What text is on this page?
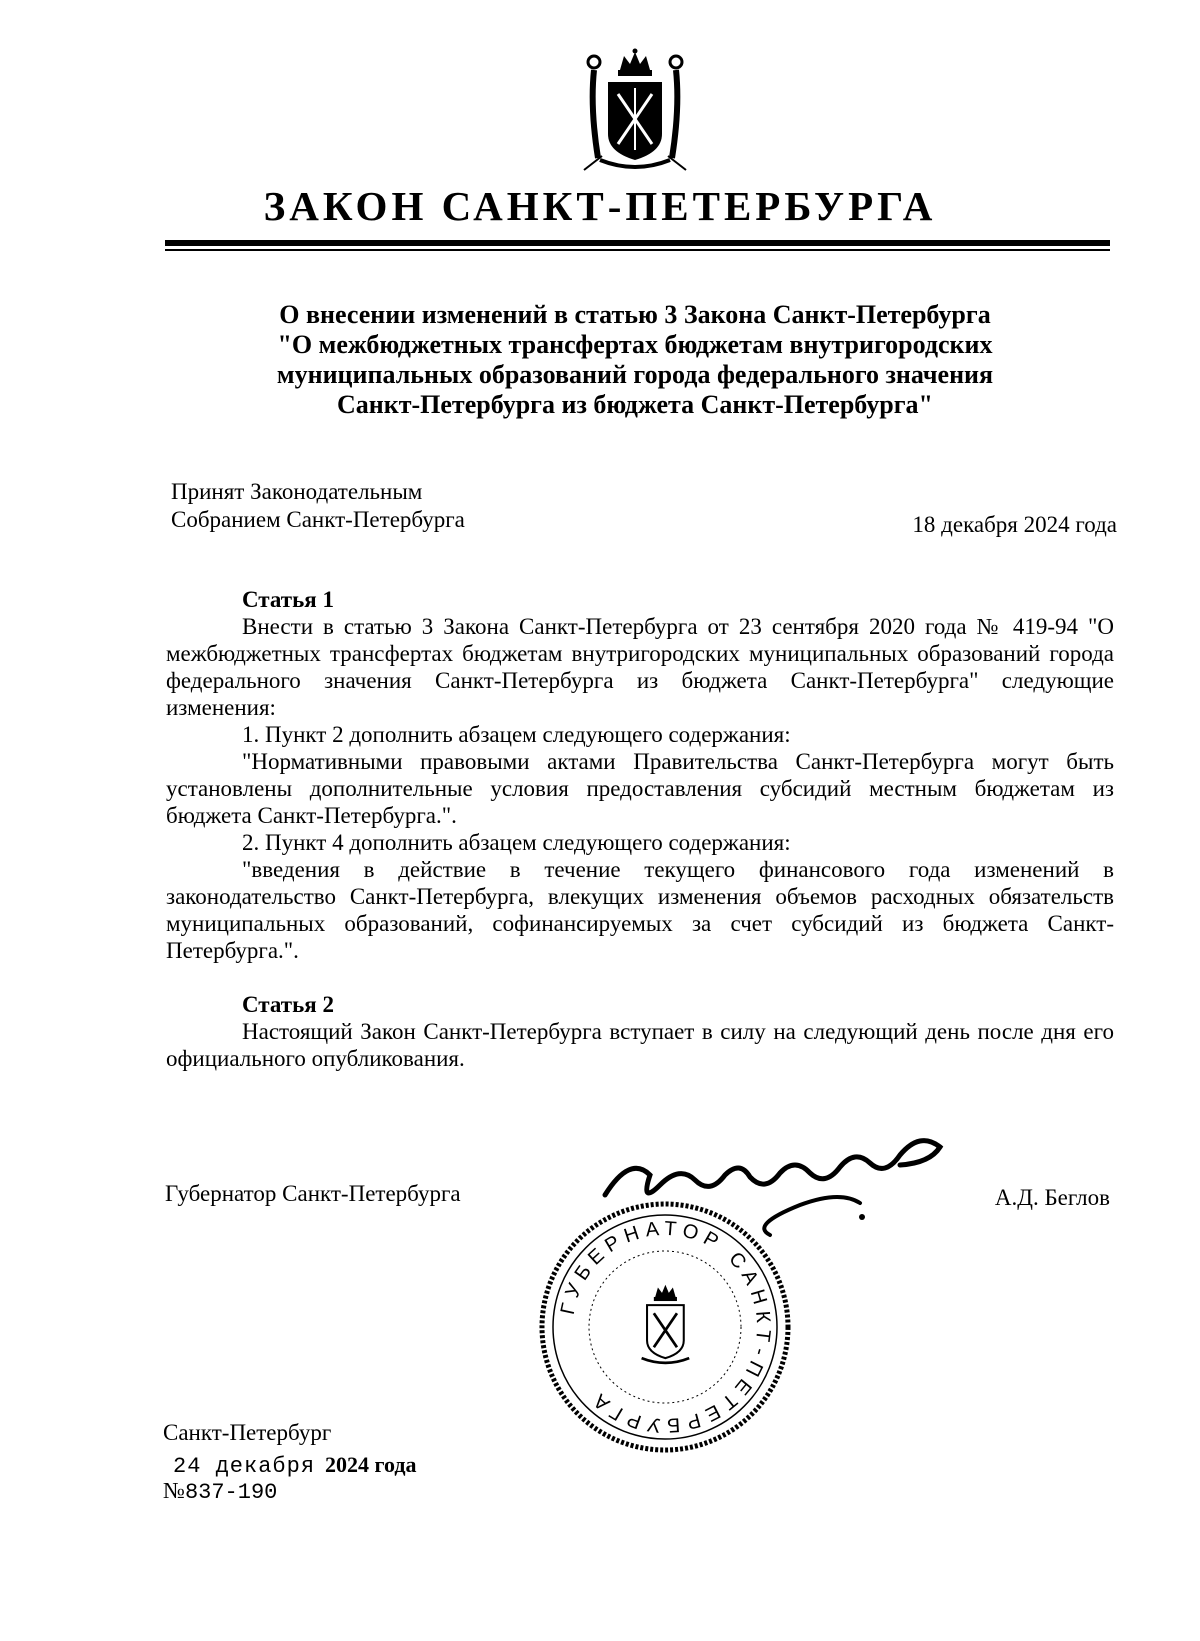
ЗАКОН САНКТ-ПЕТЕРБУРГА
О внесении изменений в статью 3 Закона Санкт-Петербурга
"О межбюджетных трансфертах бюджетам внутригородских
муниципальных образований города федерального значения
Санкт-Петербурга из бюджета Санкт-Петербурга"
Принят Законодательным
Собранием Санкт-Петербурга	18 декабря 2024 года
Статья 1

Внести в статью 3 Закона Санкт-Петербурга от 23 сентября 2020 года № 419-94 "О межбюджетных трансфертах бюджетам внутригородских муниципальных образований города федерального значения Санкт-Петербурга из бюджета Санкт-Петербурга" следующие изменения:

1. Пункт 2 дополнить абзацем следующего содержания:

"Нормативными правовыми актами Правительства Санкт-Петербурга могут быть установлены дополнительные условия предоставления субсидий местным бюджетам из бюджета Санкт-Петербурга.".

2. Пункт 4 дополнить абзацем следующего содержания:

"введения в действие в течение текущего финансового года изменений в законодательство Санкт-Петербурга, влекущих изменения объемов расходных обязательств муниципальных образований, софинансируемых за счет субсидий из бюджета Санкт-Петербурга.".

Статья 2

Настоящий Закон Санкт-Петербурга вступает в силу на следующий день после дня его официального опубликования.

Губернатор Санкт-Петербурга	А.Д. Беглов
ГУБЕРНАТОР САНКТ-ПЕТЕРБУРГА
Санкт-Петербург
24 декабря 2024 года
№837-190
